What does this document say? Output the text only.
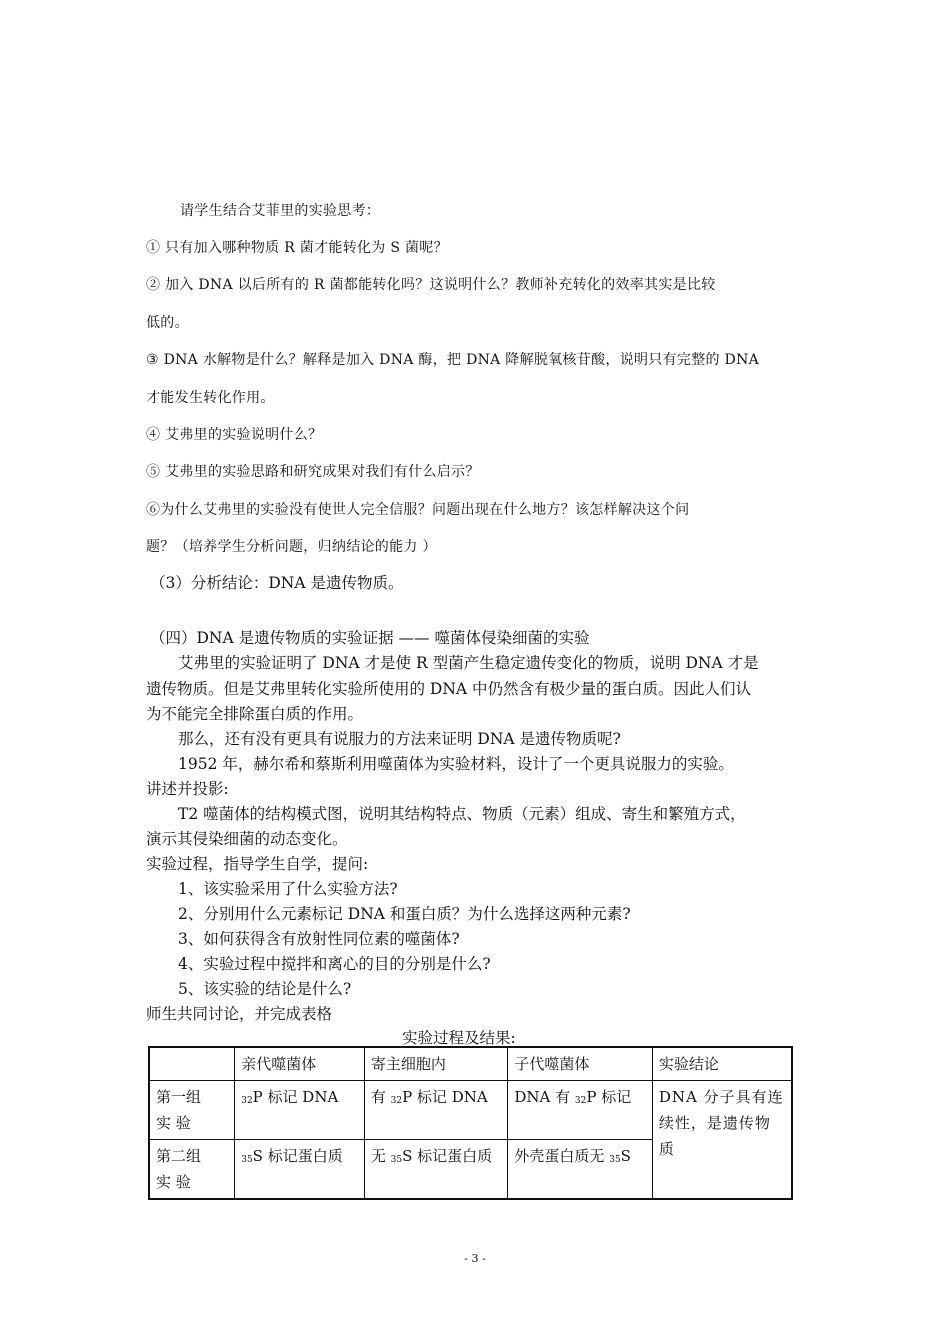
请学生结合艾菲里的实验思考：
① 只有加入哪种物质 R 菌才能转化为 S 菌呢？
② 加入 DNA 以后所有的 R 菌都能转化吗？这说明什么？教师补充转化的效率其实是比较
低的。
③ DNA 水解物是什么？解释是加入 DNA 酶，把 DNA 降解脱氧核苷酸，说明只有完整的 DNA
才能发生转化作用。
④ 艾弗里的实验说明什么？
⑤ 艾弗里的实验思路和研究成果对我们有什么启示？
⑥为什么艾弗里的实验没有使世人完全信服？问题出现在什么地方？该怎样解决这个问
题？（培养学生分析问题，归纳结论的能力 ）
（3）分析结论：DNA 是遗传物质。
（四）DNA 是遗传物质的实验证据 —— 噬菌体侵染细菌的实验
艾弗里的实验证明了 DNA 才是使 R 型菌产生稳定遗传变化的物质，说明 DNA 才是
遗传物质。但是艾弗里转化实验所使用的 DNA 中仍然含有极少量的蛋白质。因此人们认
为不能完全排除蛋白质的作用。
那么，还有没有更具有说服力的方法来证明 DNA 是遗传物质呢?
1952 年，赫尔希和蔡斯利用噬菌体为实验材料，设计了一个更具说服力的实验。
讲述并投影:
T2 噬菌体的结构模式图，说明其结构特点、物质（元素）组成、寄生和繁殖方式，
演示其侵染细菌的动态变化。
实验过程，指导学生自学，提问:
1、该实验采用了什么实验方法?
2、分别用什么元素标记 DNA 和蛋白质？为什么选择这两种元素?
3、如何获得含有放射性同位素的噬菌体?
4、实验过程中搅拌和离心的目的分别是什么?
5、该实验的结论是什么?
师生共同讨论，并完成表格
实验过程及结果:
	亲代噬菌体	寄主细胞内	子代噬菌体	实验结论

第一组
实 验	$_{32}$P 标记 DNA	有 $_{32}$P 标记 DNA	DNA 有 $_{32}$P 标记	DNA 分子具有连续性，是遗传物质

第二组
实 验	$_{35}$S 标记蛋白质	无 $_{35}$S 标记蛋白质	外壳蛋白质无 $_{35}$S	
- 3 -
